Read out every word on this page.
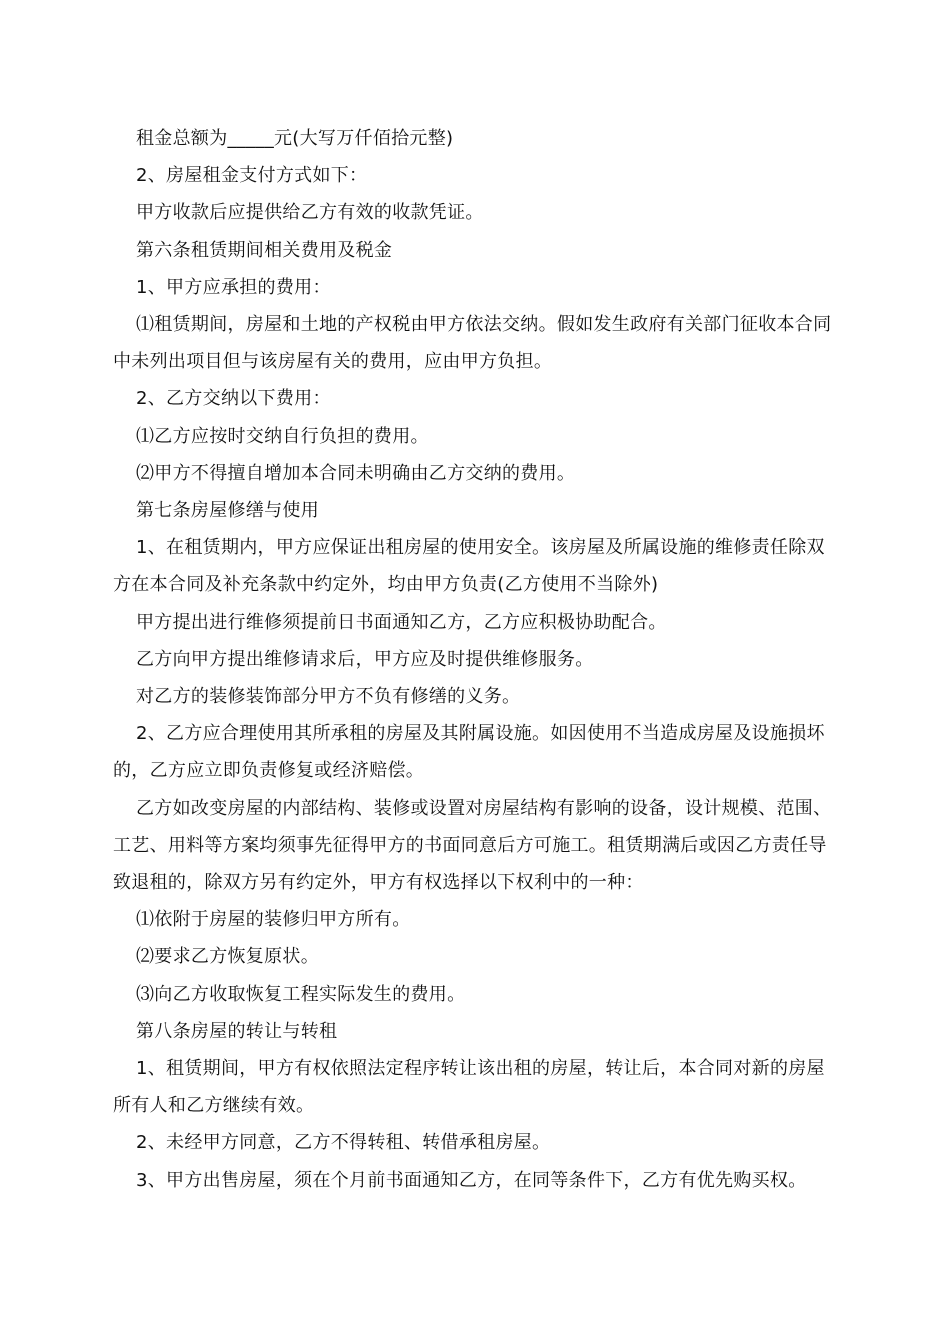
租金总额为_____元(大写万仟佰拾元整)

2、房屋租金支付方式如下：

甲方收款后应提供给乙方有效的收款凭证。

第六条租赁期间相关费用及税金

1、甲方应承担的费用：

⑴租赁期间，房屋和土地的产权税由甲方依法交纳。假如发生政府有关部门征收本合同中未列出项目但与该房屋有关的费用，应由甲方负担。

2、乙方交纳以下费用：

⑴乙方应按时交纳自行负担的费用。

⑵甲方不得擅自增加本合同未明确由乙方交纳的费用。

第七条房屋修缮与使用

1、在租赁期内，甲方应保证出租房屋的使用安全。该房屋及所属设施的维修责任除双方在本合同及补充条款中约定外，均由甲方负责(乙方使用不当除外)

甲方提出进行维修须提前日书面通知乙方，乙方应积极协助配合。

乙方向甲方提出维修请求后，甲方应及时提供维修服务。

对乙方的装修装饰部分甲方不负有修缮的义务。

2、乙方应合理使用其所承租的房屋及其附属设施。如因使用不当造成房屋及设施损坏的，乙方应立即负责修复或经济赔偿。

乙方如改变房屋的内部结构、装修或设置对房屋结构有影响的设备，设计规模、范围、工艺、用料等方案均须事先征得甲方的书面同意后方可施工。租赁期满后或因乙方责任导致退租的，除双方另有约定外，甲方有权选择以下权利中的一种：

⑴依附于房屋的装修归甲方所有。

⑵要求乙方恢复原状。

⑶向乙方收取恢复工程实际发生的费用。

第八条房屋的转让与转租

1、租赁期间，甲方有权依照法定程序转让该出租的房屋，转让后，本合同对新的房屋所有人和乙方继续有效。

2、未经甲方同意，乙方不得转租、转借承租房屋。

3、甲方出售房屋，须在个月前书面通知乙方，在同等条件下，乙方有优先购买权。
